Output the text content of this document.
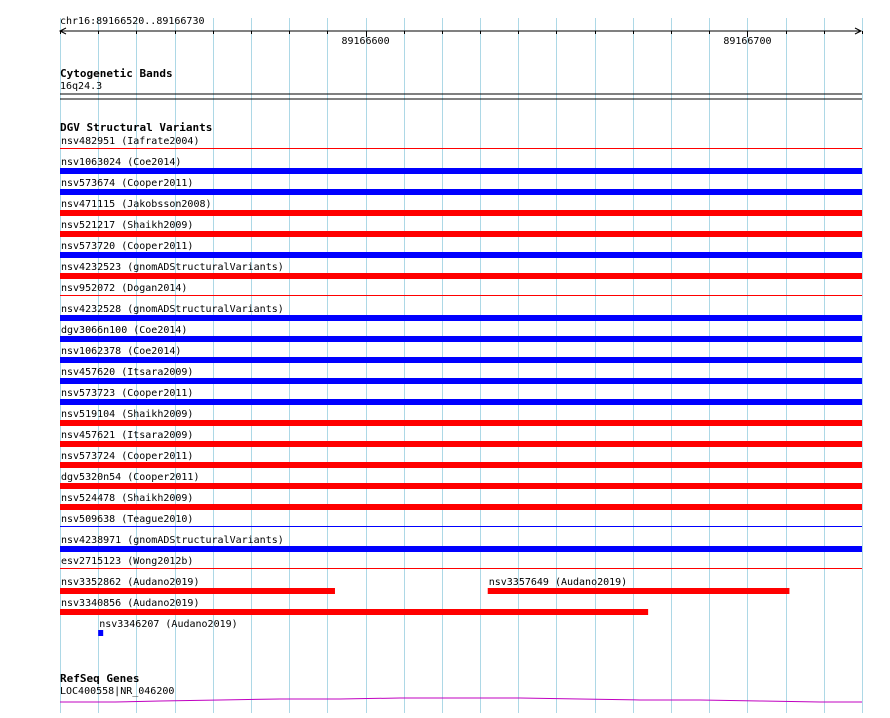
chr16:89166520..89166730
89166600	89166700
Cytogenetic Bands
16q24.3
DGV Structural Variants
nsv482951 (Iafrate2004)
nsv1063024 (Coe2014)
nsv573674 (Cooper2011)
nsv471115 (Jakobsson2008)
nsv521217 (Shaikh2009)
nsv573720 (Cooper2011)
nsv4232523 (gnomADStructuralVariants)
nsv952072 (Dogan2014)
nsv4232528 (gnomADStructuralVariants)
dgv3066n100 (Coe2014)
nsv1062378 (Coe2014)
nsv457620 (Itsara2009)
nsv573723 (Cooper2011)
nsv519104 (Shaikh2009)
nsv457621 (Itsara2009)
nsv573724 (Cooper2011)
dgv5320n54 (Cooper2011)
nsv524478 (Shaikh2009)
nsv509638 (Teague2010)
nsv4238971 (gnomADStructuralVariants)
esv2715123 (Wong2012b)
nsv3352862 (Audano2019)	nsv3357649 (Audano2019)
nsv3340856 (Audano2019)
nsv3346207 (Audano2019)
RefSeq Genes
LOC400558|NR_046200
